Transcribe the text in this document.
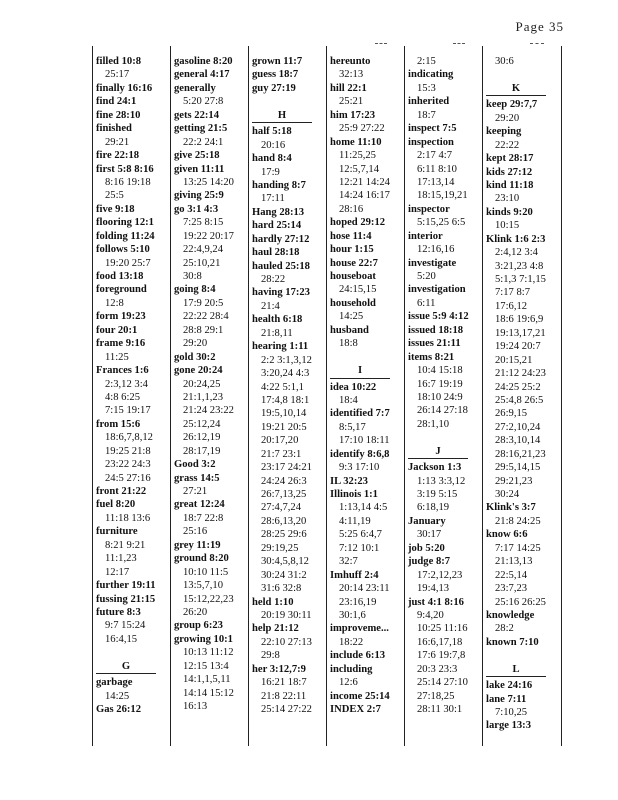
Page 35
filled 10:8
25:17
finally 16:16
find 24:1
fine 28:10
finished
29:21
fire 22:18
first 5:8 8:16
8:16 19:18
25:5
five 9:18
flooring 12:1
folding 11:24
follows 5:10
19:20 25:7
food 13:18
foreground
12:8
form 19:23
four 20:1
frame 9:16
11:25
Frances 1:6
2:3,12 3:4
4:8 6:25
7:15 19:17
from 15:6
18:6,7,8,12
19:25 21:8
23:22 24:3
24:5 27:16
front 21:22
fuel 8:20
11:18 13:6
furniture
8:21 9:21
11:1,23
12:17
further 19:11
fussing 21:15
future 8:3
9:7 15:24
16:4,15
G
garbage
14:25
Gas 26:12
gasoline 8:20
general 4:17
generally
5:20 27:8
gets 22:14
getting 21:5
22:2 24:1
give 25:18
given 11:11
13:25 14:20
giving 25:9
go 3:1 4:3
7:25 8:15
19:22 20:17
22:4,9,24
25:10,21
30:8
going 8:4
17:9 20:5
22:22 28:4
28:8 29:1
29:20
gold 30:2
gone 20:24
20:24,25
21:1,1,23
21:24 23:22
25:12,24
26:12,19
28:17,19
Good 3:2
grass 14:5
27:21
great 12:24
18:7 22:8
25:16
grey 11:19
ground 8:20
10:10 11:5
13:5,7,10
15:12,22,23
26:20
group 6:23
growing 10:1
10:13 11:12
12:15 13:4
14:1,1,5,11
14:14 15:12
16:13
grown 11:7
guess 18:7
guy 27:19
H
half 5:18
20:16
hand 8:4
17:9
handing 8:7
17:11
Hang 28:13
hard 25:14
hardly 27:12
haul 28:18
hauled 25:18
28:22
having 17:23
21:4
health 6:18
21:8,11
hearing 1:11
2:2 3:1,3,12
3:20,24 4:3
4:22 5:1,1
17:4,8 18:1
19:5,10,14
19:21 20:5
20:17,20
21:7 23:1
23:17 24:21
24:24 26:3
26:7,13,25
27:4,7,24
28:6,13,20
28:25 29:6
29:19,25
30:4,5,8,12
30:24 31:2
31:6 32:8
held 1:10
20:19 30:11
help 21:12
22:10 27:13
29:8
her 3:12,7:9
16:21 18:7
21:8 22:11
25:14 27:22
hereunto
32:13
hill 22:1
25:21
him 17:23
25:9 27:22
home 11:10
11:25,25
12:5,7,14
12:21 14:24
14:24 16:17
28:16
hoped 29:12
hose 11:4
hour 1:15
house 22:7
houseboat
24:15,15
household
14:25
husband
18:8
I
idea 10:22
18:4
identified 7:7
8:5,17
17:10 18:11
identify 8:6,8
9:3 17:10
IL 32:23
Illinois 1:1
1:13,14 4:5
4:11,19
5:25 6:4,7
7:12 10:1
32:7
Imhuff 2:4
20:14 23:11
23:16,19
30:1,6
improveme...
18:22
include 6:13
including
12:6
income 25:14
INDEX 2:7
2:15
indicating
15:3
inherited
18:7
inspect 7:5
inspection
2:17 4:7
6:11 8:10
17:13,14
18:15,19,21
inspector
5:15,25 6:5
interior
12:16,16
investigate
5:20
investigation
6:11
issue 5:9 4:12
issued 18:18
issues 21:11
items 8:21
10:4 15:18
16:7 19:19
18:10 24:9
26:14 27:18
28:1,10
J
Jackson 1:3
1:13 3:3,12
3:19 5:15
6:18,19
January
30:17
job 5:20
judge 8:7
17:2,12,23
19:4,13
just 4:1 8:16
9:4,20
10:25 11:16
16:6,17,18
17:6 19:7,8
20:3 23:3
25:14 27:10
27:18,25
28:11 30:1
30:6
K
keep 29:7,7
29:20
keeping
22:22
kept 28:17
kids 27:12
kind 11:18
23:10
kinds 9:20
10:15
Klink 1:6 2:3
2:4,12 3:4
3:21,23 4:8
5:1,3 7:1,15
7:17 8:7
17:6,12
18:6 19:6,9
19:13,17,21
19:24 20:7
20:15,21
21:12 24:23
24:25 25:2
25:4,8 26:5
26:9,15
27:2,10,24
28:3,10,14
28:16,21,23
29:5,14,15
29:21,23
30:24
Klink's 3:7
21:8 24:25
know 6:6
7:17 14:25
21:13,13
22:5,14
23:7,23
25:16 26:25
knowledge
28:2
known 7:10
L
lake 24:16
lane 7:11
7:10,25
large 13:3
